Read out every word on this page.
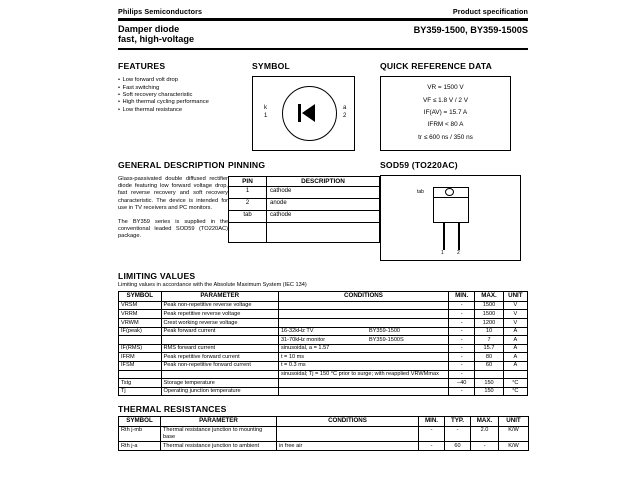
Philips Semiconductors	Product specification
Damper diode
fast, high-voltage
BY359-1500, BY359-1500S
FEATURES
• Low forward volt drop
• Fast switching
• Soft recovery characteristic
• High thermal cycling performance
• Low thermal resistance
SYMBOL
k
1
a
2
QUICK REFERENCE DATA
VR = 1500 V
VF ≤ 1.8 V / 2 V
IF(AV) = 15.7 A
IFRM < 80 A
tr ≤ 600 ns / 350 ns
GENERAL DESCRIPTION

Glass-passivated double diffused rectifier diode featuring low forward voltage drop, fast reverse recovery and soft recovery characteristic. The device is intended for use in TV receivers and PC monitors.

The BY359 series is supplied in the conventional leaded SOD59 (TO220AC) package.

PINNING
PIN	DESCRIPTION
1	cathode
2	anode
tab	cathode

SOD59 (TO220AC)
tab
1	2
LIMITING VALUES
Limiting values in accordance with the Absolute Maximum System (IEC 134)
SYMBOL	PARAMETER	CONDITIONS	MIN.	MAX.	UNIT
VRSM	Peak non-repetitive reverse voltage		-	1500	V
VRRM	Peak repetitive reverse voltage		-	1500	V
VRWM	Crest working reverse voltage		-	1200	V
IF(peak)	Peak forward current	16-32kHz TV BY359-1500	-	10	A

		31-70kHz monitor BY359-1500S	-	7	A
IF(RMS)	RMS forward current	sinusoidal, a = 1.57	-	15.7	A
IFRM	Peak repetitive forward current	t = 10 ms	-	80	A
IFSM	Peak non-repetitive forward current	t = 0.3 ms	-	60	A
		sinusoidal; Tj = 150 °C prior to surge; with reapplied VRWMmax	-		
Tstg	Storage temperature		−40	150	°C
Tj	Operating junction temperature		-	150	°C
THERMAL RESISTANCES
SYMBOL	PARAMETER	CONDITIONS	MIN.	TYP.	MAX.	UNIT
Rth j-mb	Thermal resistance junction to mounting base		-	-	2.0	K/W
Rth j-a	Thermal resistance junction to ambient	in free air	-	60	-	K/W
